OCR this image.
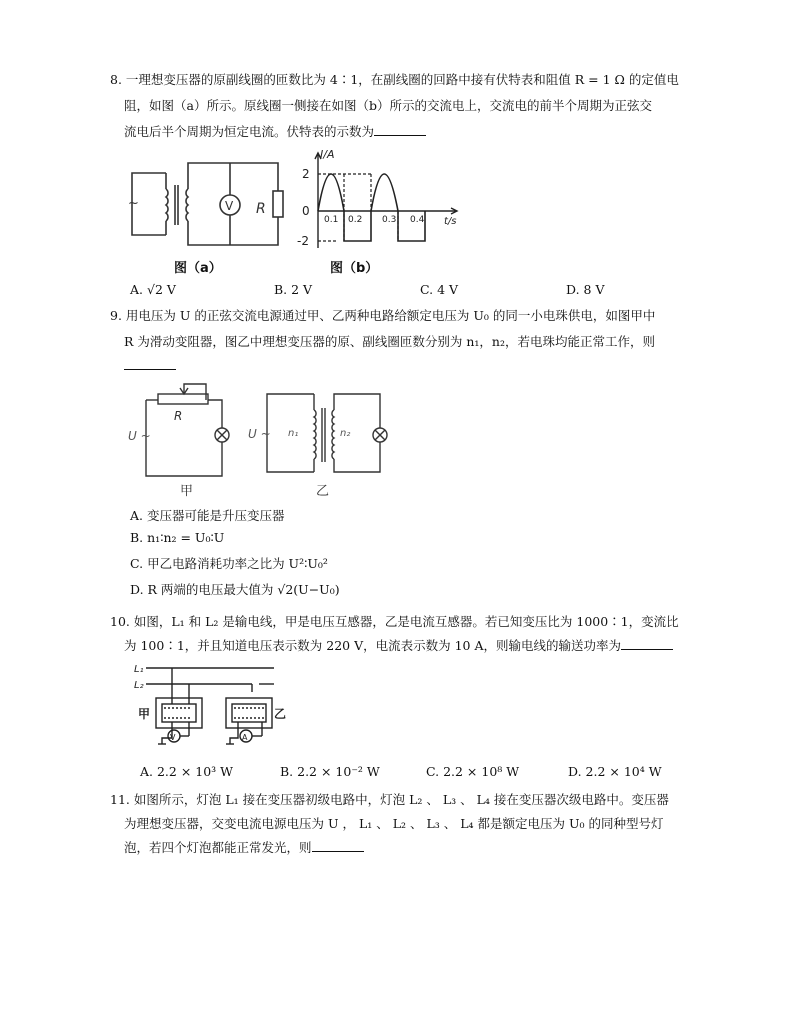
8. 一理想变压器的原副线圈的匝数比为 4∶1，在副线圈的回路中接有伏特表和阻值 R = 1 Ω 的定值电
阻，如图（a）所示。原线圈一侧接在如图（b）所示的交流电上，交流电的前半个周期为正弦交
流电后半个周期为恒定电流。伏特表的示数为
~	V R
图（a）
I/A
t/s
2
0
-2
0.1 0.2 0.3 0.4
图（b）
A. √2 V	B. 2 V	C. 4 V	D. 8 V
9. 用电压为 U 的正弦交流电源通过甲、乙两种电路给额定电压为 U₀ 的同一小电珠供电，如图甲中
R 为滑动变阻器，图乙中理想变压器的原、副线圈匝数分别为 n₁，n₂，若电珠均能正常工作，则
R
U ~	U ~ n₁	n₂
甲	乙
A. 变压器可能是升压变压器
B. n₁∶n₂ = U₀∶U
C. 甲乙电路消耗功率之比为 U²∶U₀²
D. R 两端的电压最大值为 √2(U−U₀)
10. 如图，L₁ 和 L₂ 是输电线，甲是电压互感器，乙是电流互感器。若已知变压比为 1000∶1，变流比
为 100∶1，并且知道电压表示数为 220 V，电流表示数为 10 A，则输电线的输送功率为
L₁
L₂
甲	乙
V	A
A. 2.2 × 10³ W	B. 2.2 × 10⁻² W	C. 2.2 × 10⁸ W	D. 2.2 × 10⁴ W
11. 如图所示，灯泡 L₁ 接在变压器初级电路中，灯泡 L₂ 、 L₃ 、 L₄ 接在变压器次级电路中。变压器
为理想变压器，交变电流电源电压为 U ， L₁ 、 L₂ 、 L₃ 、 L₄ 都是额定电压为 U₀ 的同种型号灯
泡，若四个灯泡都能正常发光，则
